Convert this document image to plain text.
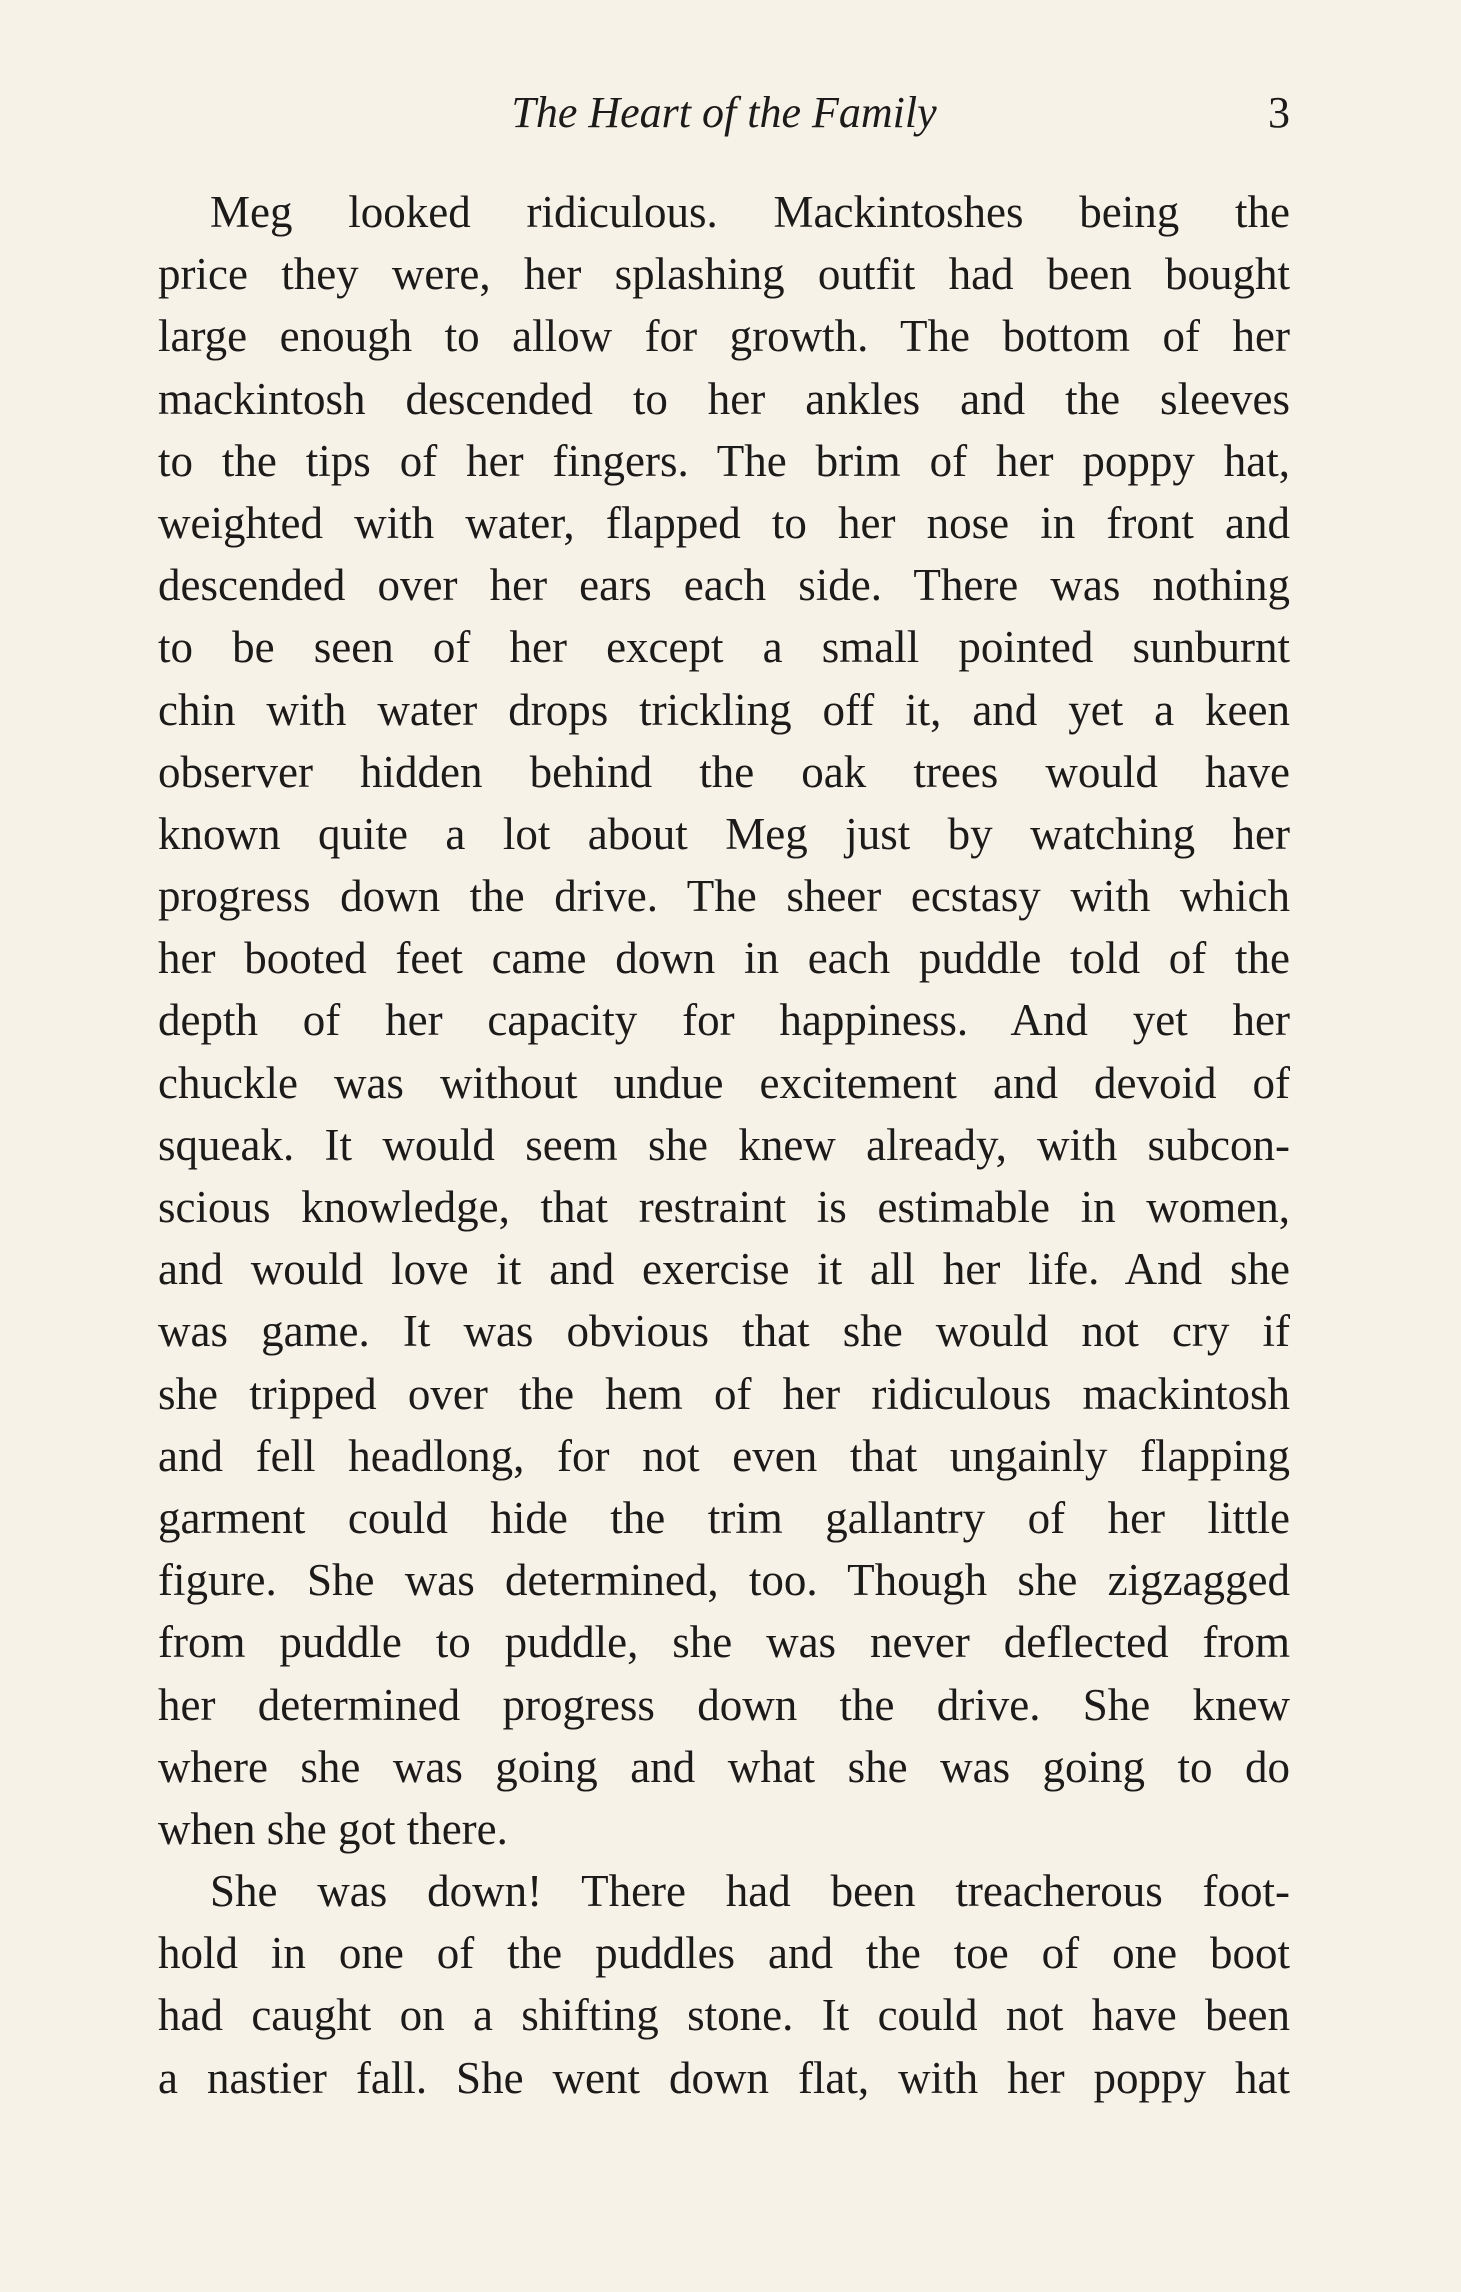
The Heart of the Family	3
Meg looked ridiculous. Mackintoshes being the
price they were, her splashing outfit had been bought
large enough to allow for growth. The bottom of her
mackintosh descended to her ankles and the sleeves
to the tips of her fingers. The brim of her poppy hat,
weighted with water, flapped to her nose in front and
descended over her ears each side. There was nothing
to be seen of her except a small pointed sunburnt
chin with water drops trickling off it, and yet a keen
observer hidden behind the oak trees would have
known quite a lot about Meg just by watching her
progress down the drive. The sheer ecstasy with which
her booted feet came down in each puddle told of the
depth of her capacity for happiness. And yet her
chuckle was without undue excitement and devoid of
squeak. It would seem she knew already, with subcon-
scious knowledge, that restraint is estimable in women,
and would love it and exercise it all her life. And she
was game. It was obvious that she would not cry if
she tripped over the hem of her ridiculous mackintosh
and fell headlong, for not even that ungainly flapping
garment could hide the trim gallantry of her little
figure. She was determined, too. Though she zigzagged
from puddle to puddle, she was never deflected from
her determined progress down the drive. She knew
where she was going and what she was going to do
when she got there.
She was down! There had been treacherous foot-
hold in one of the puddles and the toe of one boot
had caught on a shifting stone. It could not have been
a nastier fall. She went down flat, with her poppy hat
